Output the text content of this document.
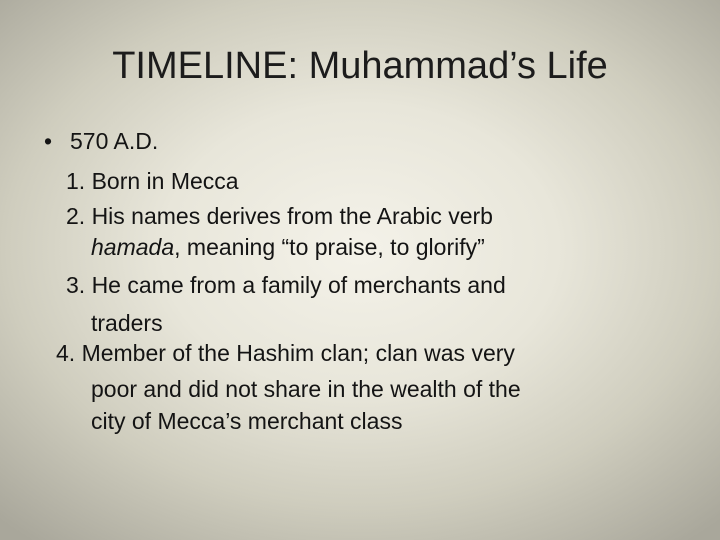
TIMELINE: Muhammad’s Life
• 570 A.D.
1. Born in Mecca
2. His names derives from the Arabic verb
hamada, meaning “to praise, to glorify”
3. He came from a family of merchants and
traders
4. Member of the Hashim clan; clan was very
poor and did not share in the wealth of the
city of Mecca’s merchant class
